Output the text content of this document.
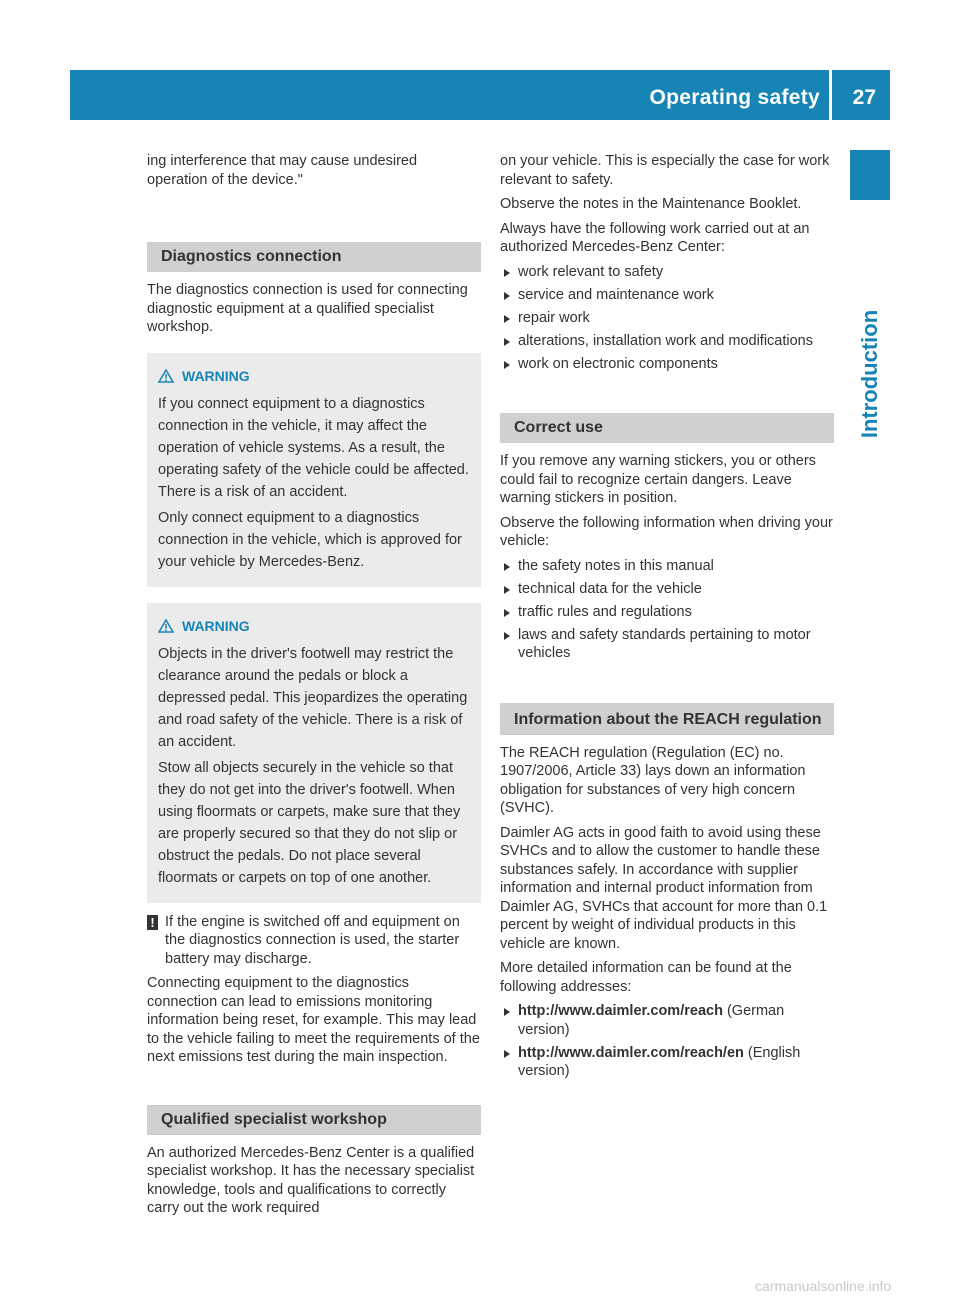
Operating safety 27
Introduction

ing interference that may cause undesired operation of the device."

Diagnostics connection

The diagnostics connection is used for connecting diagnostic equipment at a qualified specialist workshop.

WARNING

If you connect equipment to a diagnostics connection in the vehicle, it may affect the operation of vehicle systems. As a result, the operating safety of the vehicle could be affected. There is a risk of an accident.

Only connect equipment to a diagnostics connection in the vehicle, which is approved for your vehicle by Mercedes-Benz.

WARNING

Objects in the driver's footwell may restrict the clearance around the pedals or block a depressed pedal. This jeopardizes the operating and road safety of the vehicle. There is a risk of an accident.

Stow all objects securely in the vehicle so that they do not get into the driver's footwell. When using floormats or carpets, make sure that they are properly secured so that they do not slip or obstruct the pedals. Do not place several floormats or carpets on top of one another.

! If the engine is switched off and equipment on the diagnostics connection is used, the starter battery may discharge.

Connecting equipment to the diagnostics connection can lead to emissions monitoring information being reset, for example. This may lead to the vehicle failing to meet the requirements of the next emissions test during the main inspection.

Qualified specialist workshop

An authorized Mercedes-Benz Center is a qualified specialist workshop. It has the necessary specialist knowledge, tools and qualifications to correctly carry out the work required

on your vehicle. This is especially the case for work relevant to safety.

Observe the notes in the Maintenance Booklet.

Always have the following work carried out at an authorized Mercedes-Benz Center:

work relevant to safety
service and maintenance work
repair work
alterations, installation work and modifications
work on electronic components
Correct use

If you remove any warning stickers, you or others could fail to recognize certain dangers. Leave warning stickers in position.

Observe the following information when driving your vehicle:

the safety notes in this manual
technical data for the vehicle
traffic rules and regulations
laws and safety standards pertaining to motor vehicles
Information about the REACH regulation

The REACH regulation (Regulation (EC) no. 1907/2006, Article 33) lays down an information obligation for substances of very high concern (SVHC).

Daimler AG acts in good faith to avoid using these SVHCs and to allow the customer to handle these substances safely. In accordance with supplier information and internal product information from Daimler AG, SVHCs that account for more than 0.1 percent by weight of individual products in this vehicle are known.

More detailed information can be found at the following addresses:

http://www.daimler.com/reach (German version)
http://www.daimler.com/reach/en (English version)
carmanualsonline.info
